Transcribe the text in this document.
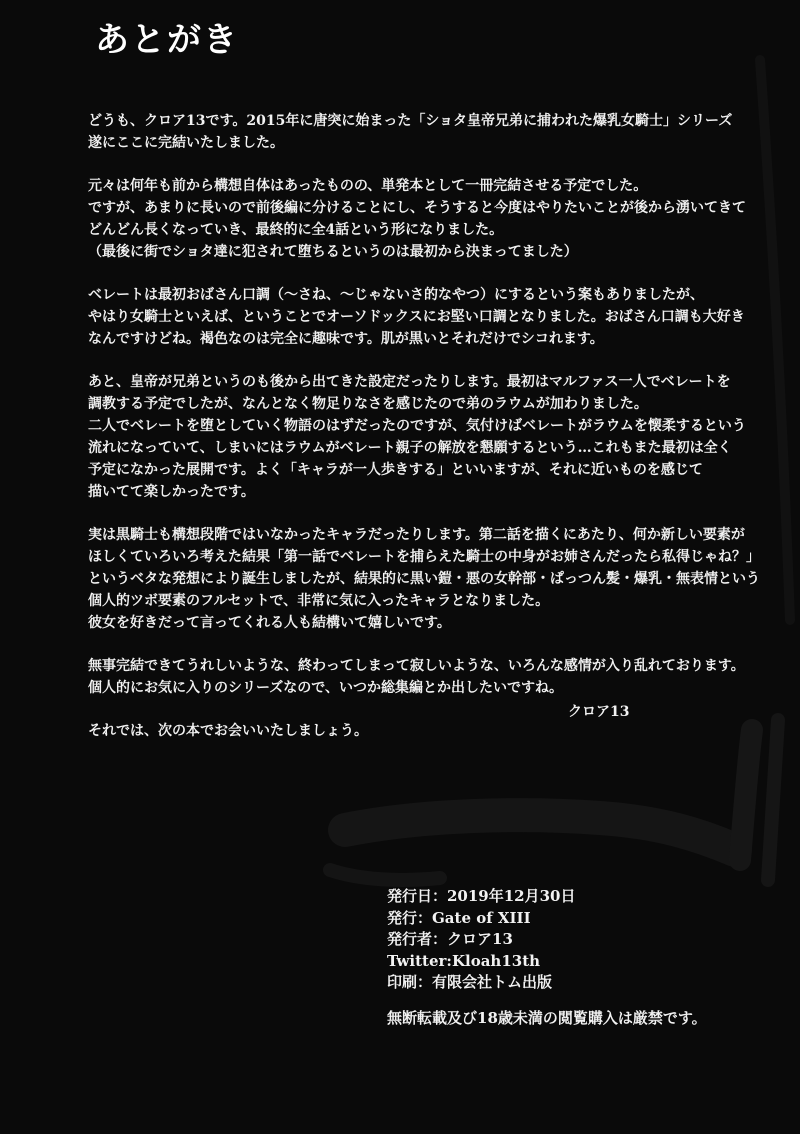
あとがき
どうも、クロア13です。2015年に唐突に始まった「ショタ皇帝兄弟に捕われた爆乳女騎士」シリーズ
遂にここに完結いたしました。
元々は何年も前から構想自体はあったものの、単発本として一冊完結させる予定でした。
ですが、あまりに長いので前後編に分けることにし、そうすると今度はやりたいことが後から湧いてきて
どんどん長くなっていき、最終的に全4話という形になりました。
（最後に街でショタ達に犯されて堕ちるというのは最初から決まってました）
ベレートは最初おばさん口調（～さね、～じゃないさ的なやつ）にするという案もありましたが、
やはり女騎士といえば、ということでオーソドックスにお堅い口調となりました。おばさん口調も大好き
なんですけどね。褐色なのは完全に趣味です。肌が黒いとそれだけでシコれます。
あと、皇帝が兄弟というのも後から出てきた設定だったりします。最初はマルファス一人でベレートを
調教する予定でしたが、なんとなく物足りなさを感じたので弟のラウムが加わりました。
二人でベレートを堕としていく物語のはずだったのですが、気付けばベレートがラウムを懐柔するという
流れになっていて、しまいにはラウムがベレート親子の解放を懇願するという…これもまた最初は全く
予定になかった展開です。よく「キャラが一人歩きする」といいますが、それに近いものを感じて
描いてて楽しかったです。
実は黒騎士も構想段階ではいなかったキャラだったりします。第二話を描くにあたり、何か新しい要素が
ほしくていろいろ考えた結果「第一話でベレートを捕らえた騎士の中身がお姉さんだったら私得じゃね？」
というベタな発想により誕生しましたが、結果的に黒い鎧・悪の女幹部・ぱっつん髪・爆乳・無表情という
個人的ツボ要素のフルセットで、非常に気に入ったキャラとなりました。
彼女を好きだって言ってくれる人も結構いて嬉しいです。
無事完結できてうれしいような、終わってしまって寂しいような、いろんな感情が入り乱れております。
個人的にお気に入りのシリーズなので、いつか総集編とか出したいですね。
それでは、次の本でお会いいたしましょう。
クロア13
発行日：2019年12月30日
発行：Gate of XIII
発行者：クロア13
Twitter:Kloah13th
印刷：有限会社トム出版
無断転載及び18歳未満の閲覧購入は厳禁です。
